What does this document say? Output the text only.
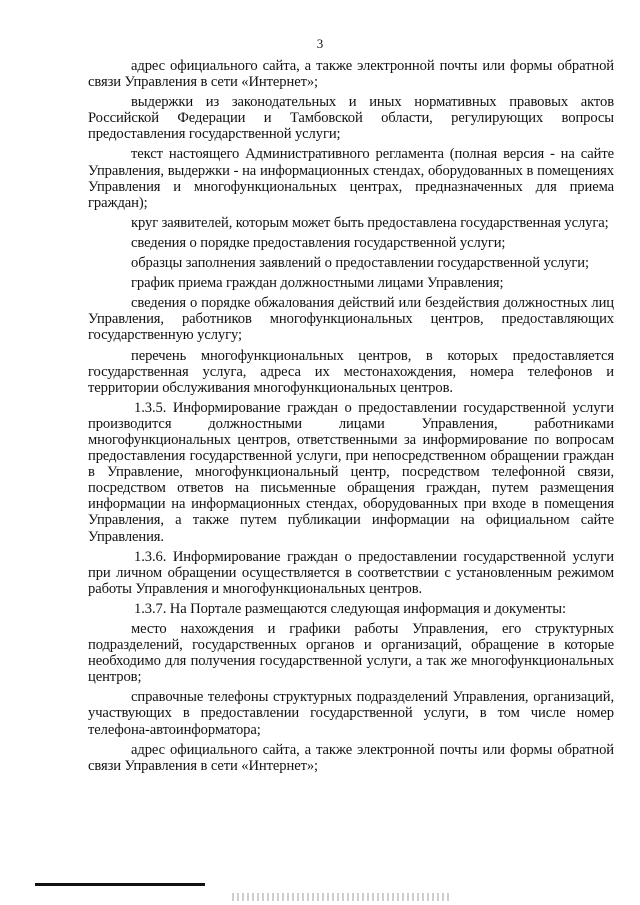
3

адрес официального сайта, а также электронной почты или формы обратной связи Управления в сети «Интернет»;

выдержки из законодательных и иных нормативных правовых актов Российской Федерации и Тамбовской области, регулирующих вопросы предоставления государственной услуги;

текст настоящего Административного регламента (полная версия - на сайте Управления, выдержки - на информационных стендах, оборудованных в помещениях Управления и многофункциональных центрах, предназначенных для приема граждан);

круг заявителей, которым может быть предоставлена государственная услуга;

сведения о порядке предоставления государственной услуги;

образцы заполнения заявлений о предоставлении государственной услуги;

график приема граждан должностными лицами Управления;

сведения о порядке обжалования действий или бездействия должностных лиц Управления, работников многофункциональных центров, предоставляющих государственную услугу;

перечень многофункциональных центров, в которых предоставляется государственная услуга, адреса их местонахождения, номера телефонов и территории обслуживания многофункциональных центров.

1.3.5. Информирование граждан о предоставлении государственной услуги производится должностными лицами Управления, работниками многофункциональных центров, ответственными за информирование по вопросам предоставления государственной услуги, при непосредственном обращении граждан в Управление, многофункциональный центр, посредством телефонной связи, посредством ответов на письменные обращения граждан, путем размещения информации на информационных стендах, оборудованных при входе в помещения Управления, а также путем публикации информации на официальном сайте Управления.

1.3.6. Информирование граждан о предоставлении государственной услуги при личном обращении осуществляется в соответствии с установленным режимом работы Управления и многофункциональных центров.

1.3.7. На Портале размещаются следующая информация и документы:

место нахождения и графики работы Управления, его структурных подразделений, государственных органов и организаций, обращение в которые необходимо для получения государственной услуги, а так же многофункциональных центров;

справочные телефоны структурных подразделений Управления, организаций, участвующих в предоставлении государственной услуги, в том числе номер телефона-автоинформатора;

адрес официального сайта, а также электронной почты или формы обратной связи Управления в сети «Интернет»;
